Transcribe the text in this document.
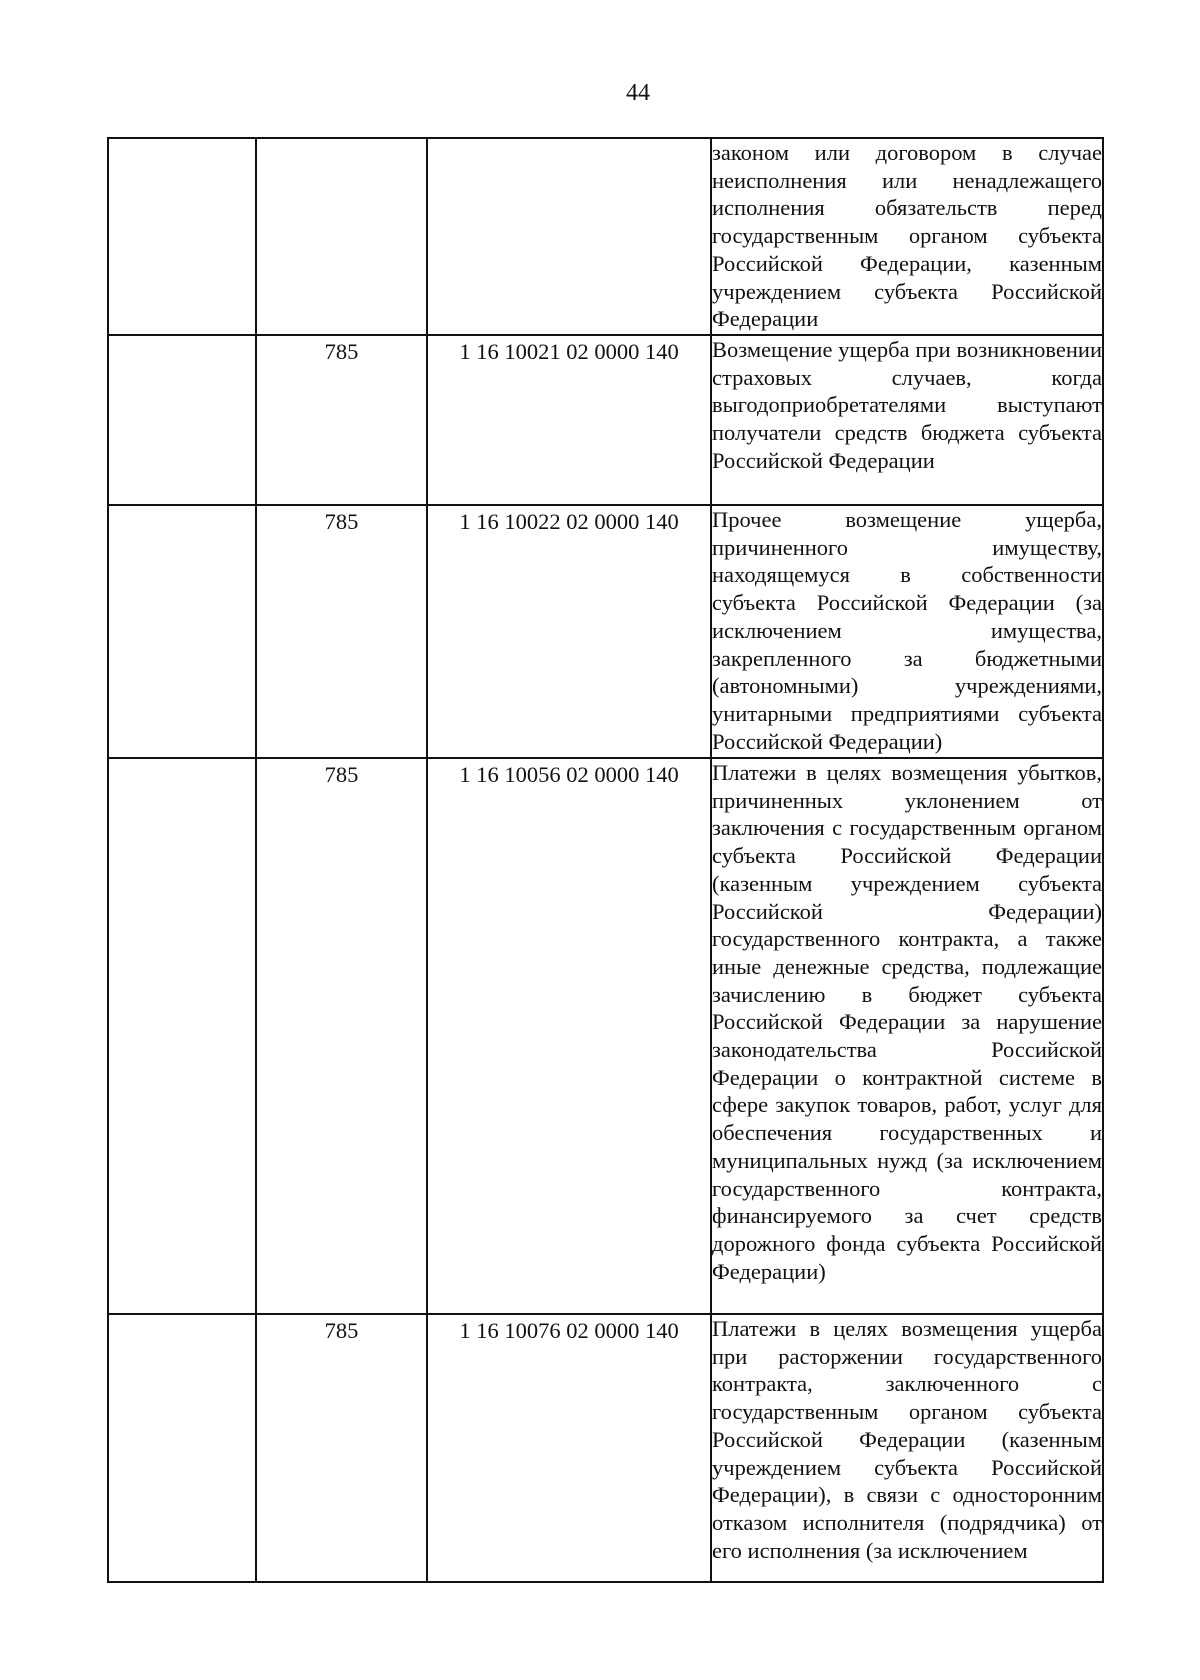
44

			законом или договором в случае неисполнения или ненадлежащего исполнения обязательств перед государственным органом субъекта Российской Федерации, казенным учреждением субъекта Российской Федерации

	785	1 16 10021 02 0000 140	Возмещение ущерба при возникновении страховых случаев, когда выгодоприобретателями выступают получатели средств бюджета субъекта Российской Федерации

	785	1 16 10022 02 0000 140	Прочее возмещение ущерба, причиненного имуществу, находящемуся в собственности субъекта Российской Федерации (за исключением имущества, закрепленного за бюджетными (автономными) учреждениями, унитарными предприятиями субъекта Российской Федерации)

	785	1 16 10056 02 0000 140	Платежи в целях возмещения убытков, причиненных уклонением от заключения с государственным органом субъекта Российской Федерации (казенным учреждением субъекта Российской Федерации) государственного контракта, а также иные денежные средства, подлежащие зачислению в бюджет субъекта Российской Федерации за нарушение законодательства Российской Федерации о контрактной системе в сфере закупок товаров, работ, услуг для обеспечения государственных и муниципальных нужд (за исключением государственного контракта, финансируемого за счет средств дорожного фонда субъекта Российской Федерации)

	785	1 16 10076 02 0000 140	Платежи в целях возмещения ущерба при расторжении государственного контракта, заключенного с государственным органом субъекта Российской Федерации (казенным учреждением субъекта Российской Федерации), в связи с односторонним отказом исполнителя (подрядчика) от его исполнения (за исключением
